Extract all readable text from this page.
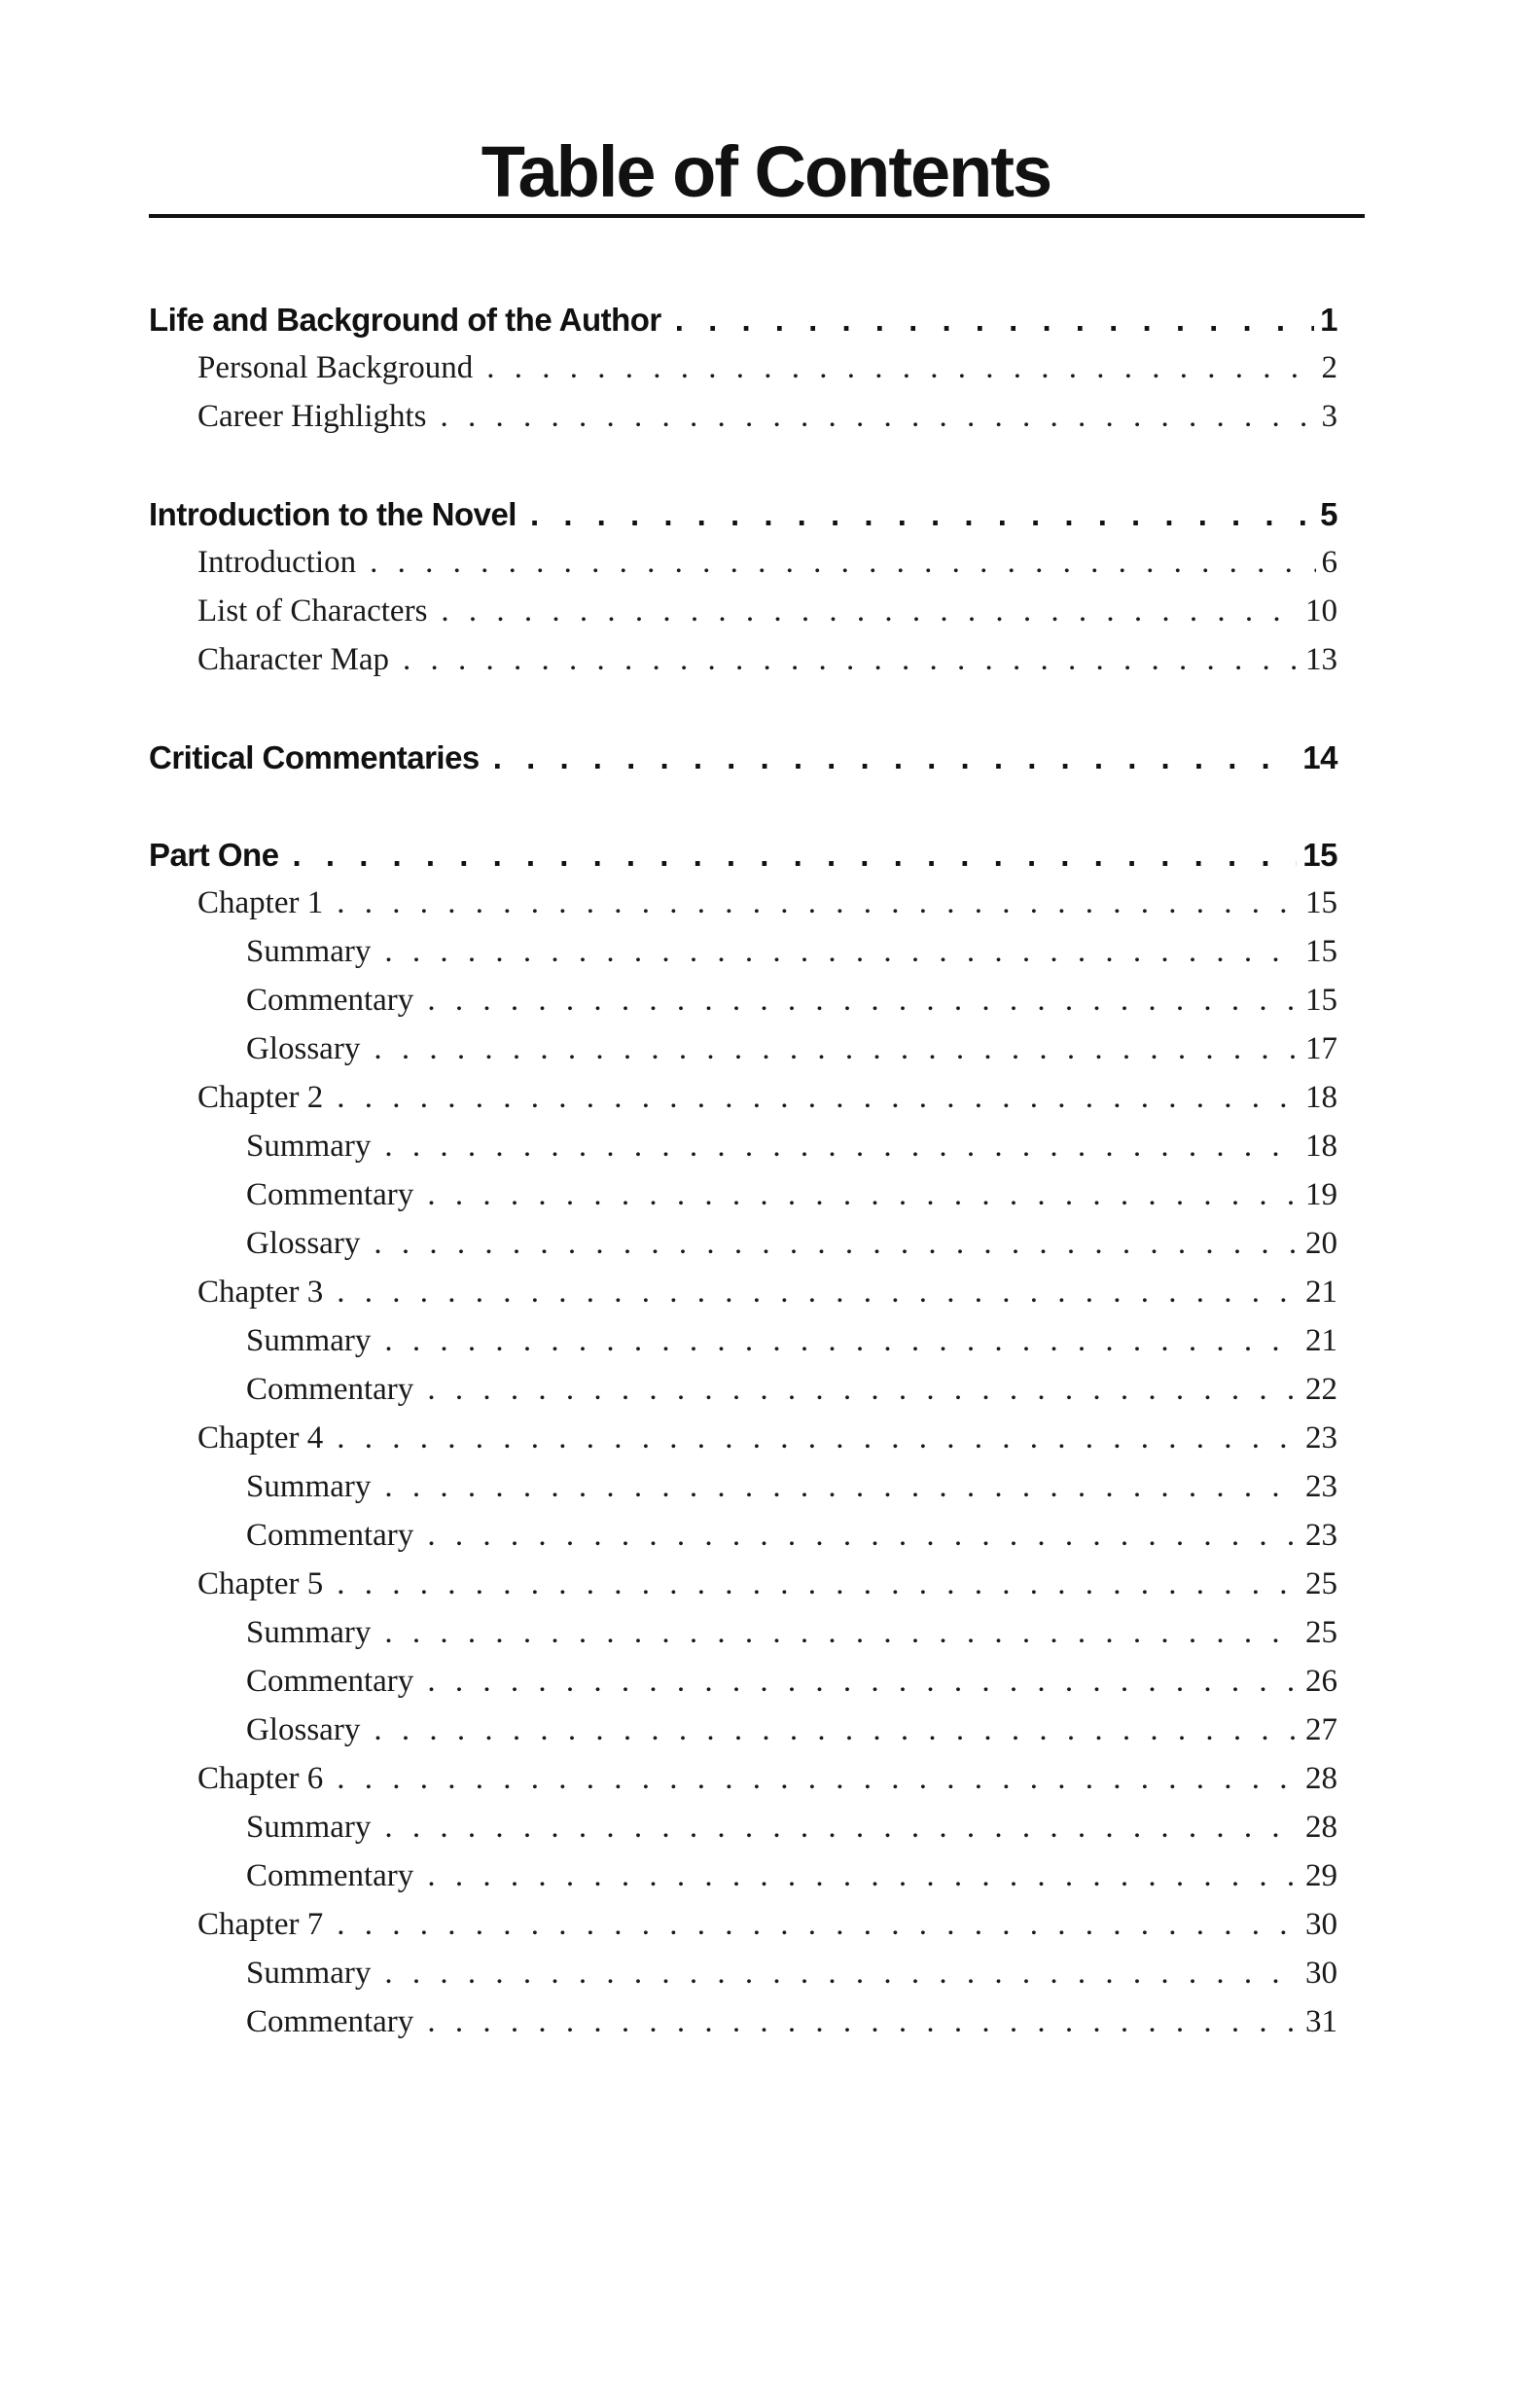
Table of Contents
Life and Background of the Author . . .	1
Personal Background . . .	2
Career Highlights . . .	3
Introduction to the Novel . . .	5
Introduction . . .	6
List of Characters . . .	10
Character Map . . .	13
Critical Commentaries . . .	14
Part One . . .	15
Chapter 1 . . .	15
Summary . . .	15
Commentary . . .	15
Glossary . . .	17
Chapter 2 . . .	18
Summary . . .	18
Commentary . . .	19
Glossary . . .	20
Chapter 3 . . .	21
Summary . . .	21
Commentary . . .	22
Chapter 4 . . .	23
Summary . . .	23
Commentary . . .	23
Chapter 5 . . .	25
Summary . . .	25
Commentary . . .	26
Glossary . . .	27
Chapter 6 . . .	28
Summary . . .	28
Commentary . . .	29
Chapter 7 . . .	30
Summary . . .	30
Commentary . . .	31
